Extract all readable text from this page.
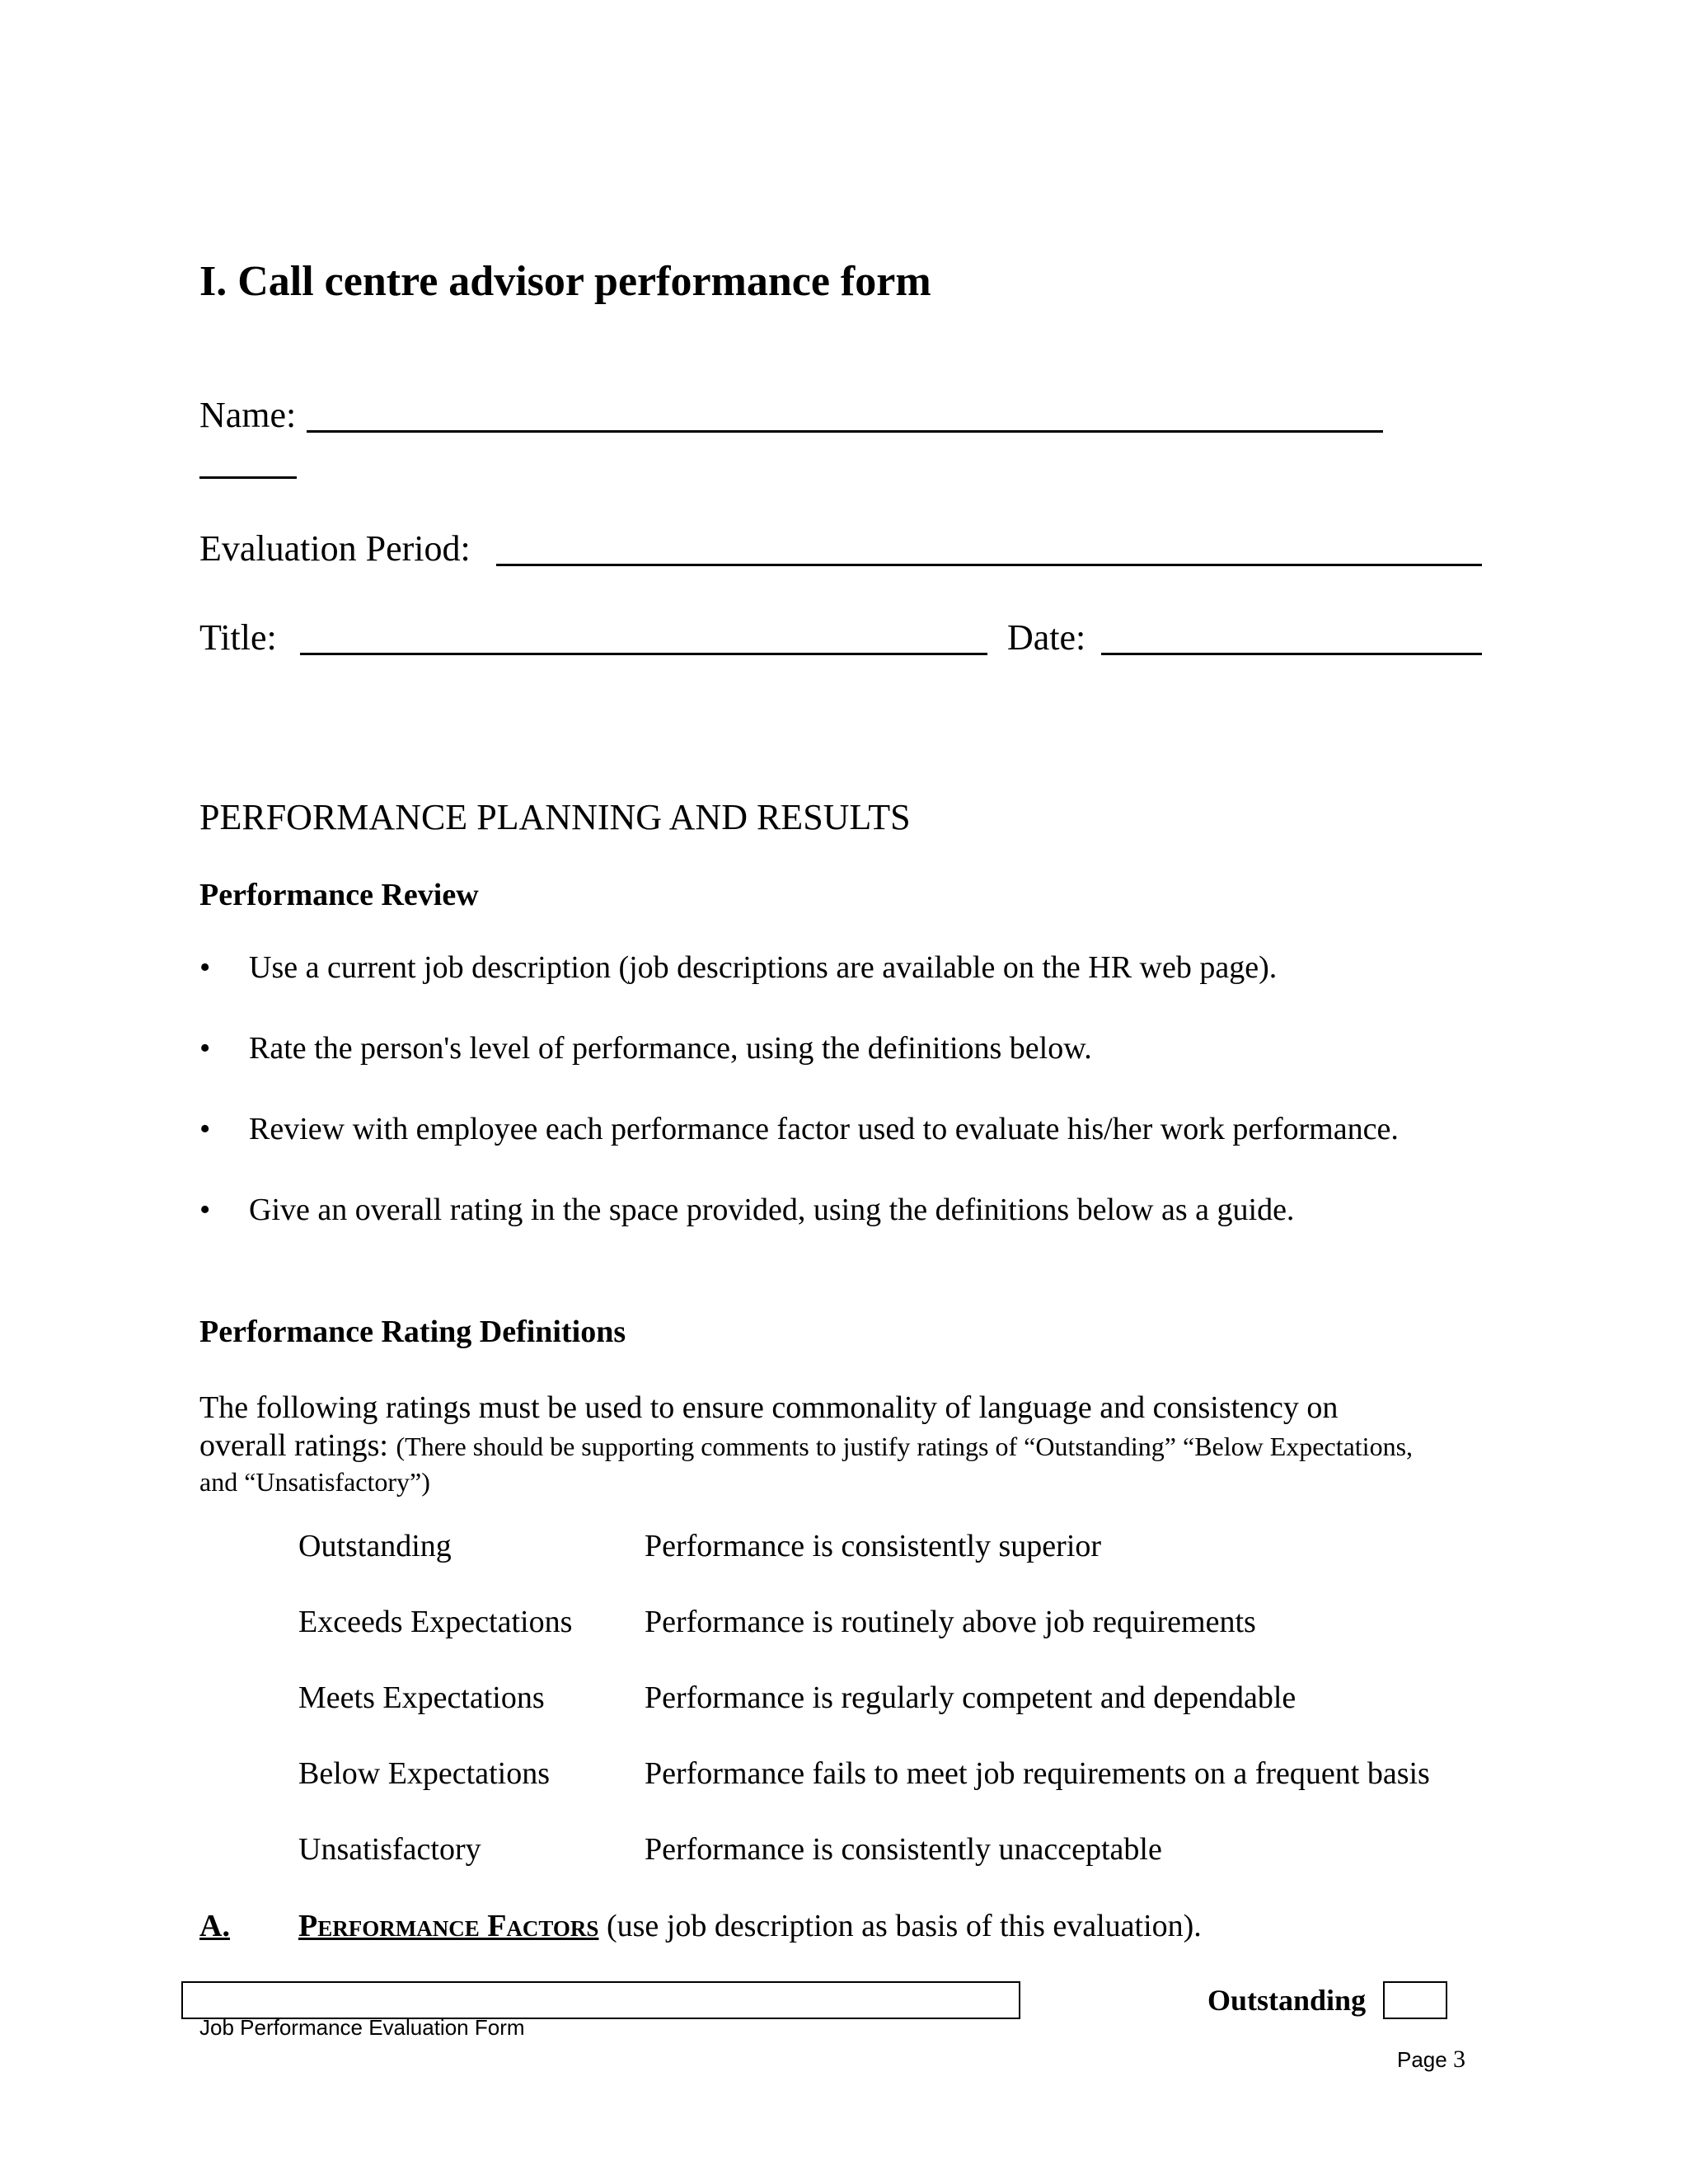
I. Call centre advisor performance form
Name:
Evaluation Period:
Title:	Date:
PERFORMANCE PLANNING AND RESULTS
Performance Review
• Use a current job description (job descriptions are available on the HR web page).
• Rate the person's level of performance, using the definitions below.
• Review with employee each performance factor used to evaluate his/her work performance.
• Give an overall rating in the space provided, using the definitions below as a guide.
Performance Rating Definitions
The following ratings must be used to ensure commonality of language and consistency on
overall ratings: (There should be supporting comments to justify ratings of “Outstanding” “Below Expectations,
and “Unsatisfactory”)
Outstanding	Performance is consistently superior
Exceeds Expectations Performance is routinely above job requirements
Meets Expectations	Performance is regularly competent and dependable
Below Expectations	Performance fails to meet job requirements on a frequent basis
Unsatisfactory	Performance is consistently unacceptable
A. Performance Factors (use job description as basis of this evaluation).
Outstanding
Job Performance Evaluation Form
Page 3
